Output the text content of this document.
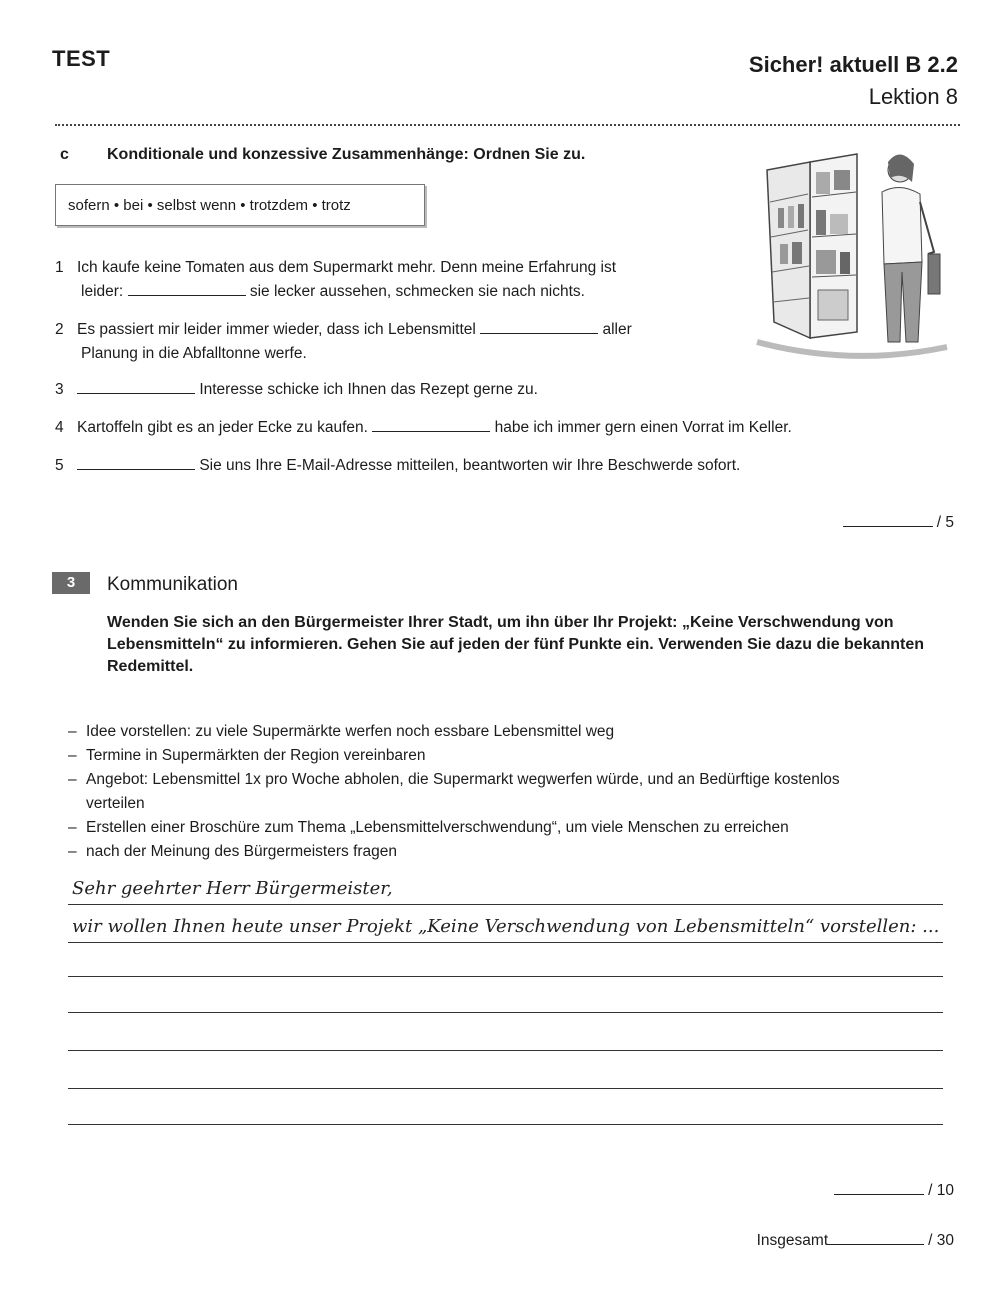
TEST	Sicher! aktuell B 2.2
Lektion 8
c Konditionale und konzessive Zusammenhänge: Ordnen Sie zu.
sofern • bei • selbst wenn • trotzdem • trotz
1 Ich kaufe keine Tomaten aus dem Supermarkt mehr. Denn meine Erfahrung ist
leider:	sie lecker aussehen, schmecken sie nach nichts.
2 Es passiert mir leider immer wieder, dass ich Lebensmittel	aller
Planung in die Abfalltonne werfe.
3	Interesse schicke ich Ihnen das Rezept gerne zu.
4 Kartoffeln gibt es an jeder Ecke zu kaufen.	habe ich immer gern einen Vorrat im Keller.
5	Sie uns Ihre E-Mail-Adresse mitteilen, beantworten wir Ihre Beschwerde sofort.
/ 5
3	Kommunikation
Wenden Sie sich an den Bürgermeister Ihrer Stadt, um ihn über Ihr Projekt: „Keine Verschwendung von Lebensmitteln“ zu informieren. Gehen Sie auf jeden der fünf Punkte ein. Verwenden Sie dazu die bekannten Redemittel.
– Idee vorstellen: zu viele Supermärkte werfen noch essbare Lebensmittel weg
– Termine in Supermärkten der Region vereinbaren
– Angebot: Lebensmittel 1x pro Woche abholen, die Supermarkt wegwerfen würde, und an Bedürftige kostenlos verteilen
– Erstellen einer Broschüre zum Thema „Lebensmittelverschwendung“, um viele Menschen zu erreichen
– nach der Meinung des Bürgermeisters fragen
Sehr geehrter Herr Bürgermeister,
wir wollen Ihnen heute unser Projekt „Keine Verschwendung von Lebensmitteln“ vorstellen: ...
/ 10
Insgesamt	/ 30
